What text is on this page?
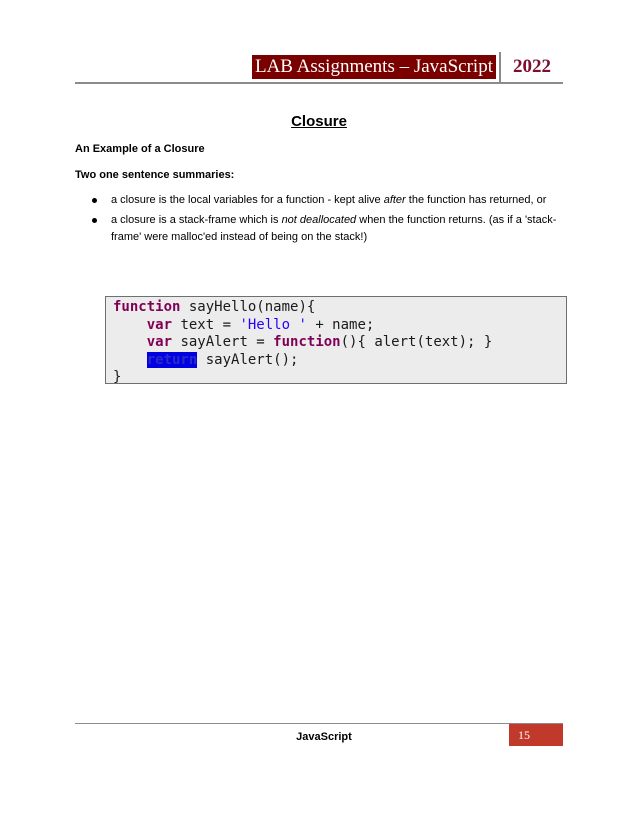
LAB Assignments – JavaScript 2022
Closure
An Example of a Closure
Two one sentence summaries:
a closure is the local variables for a function - kept alive after the function has returned, or
a closure is a stack-frame which is not deallocated when the function returns. (as if a 'stack-frame' were malloc'ed instead of being on the stack!)
function sayHello(name){
var text = 'Hello ' + name;
var sayAlert = function(){ alert(text); }
return sayAlert();
}
JavaScript	15
